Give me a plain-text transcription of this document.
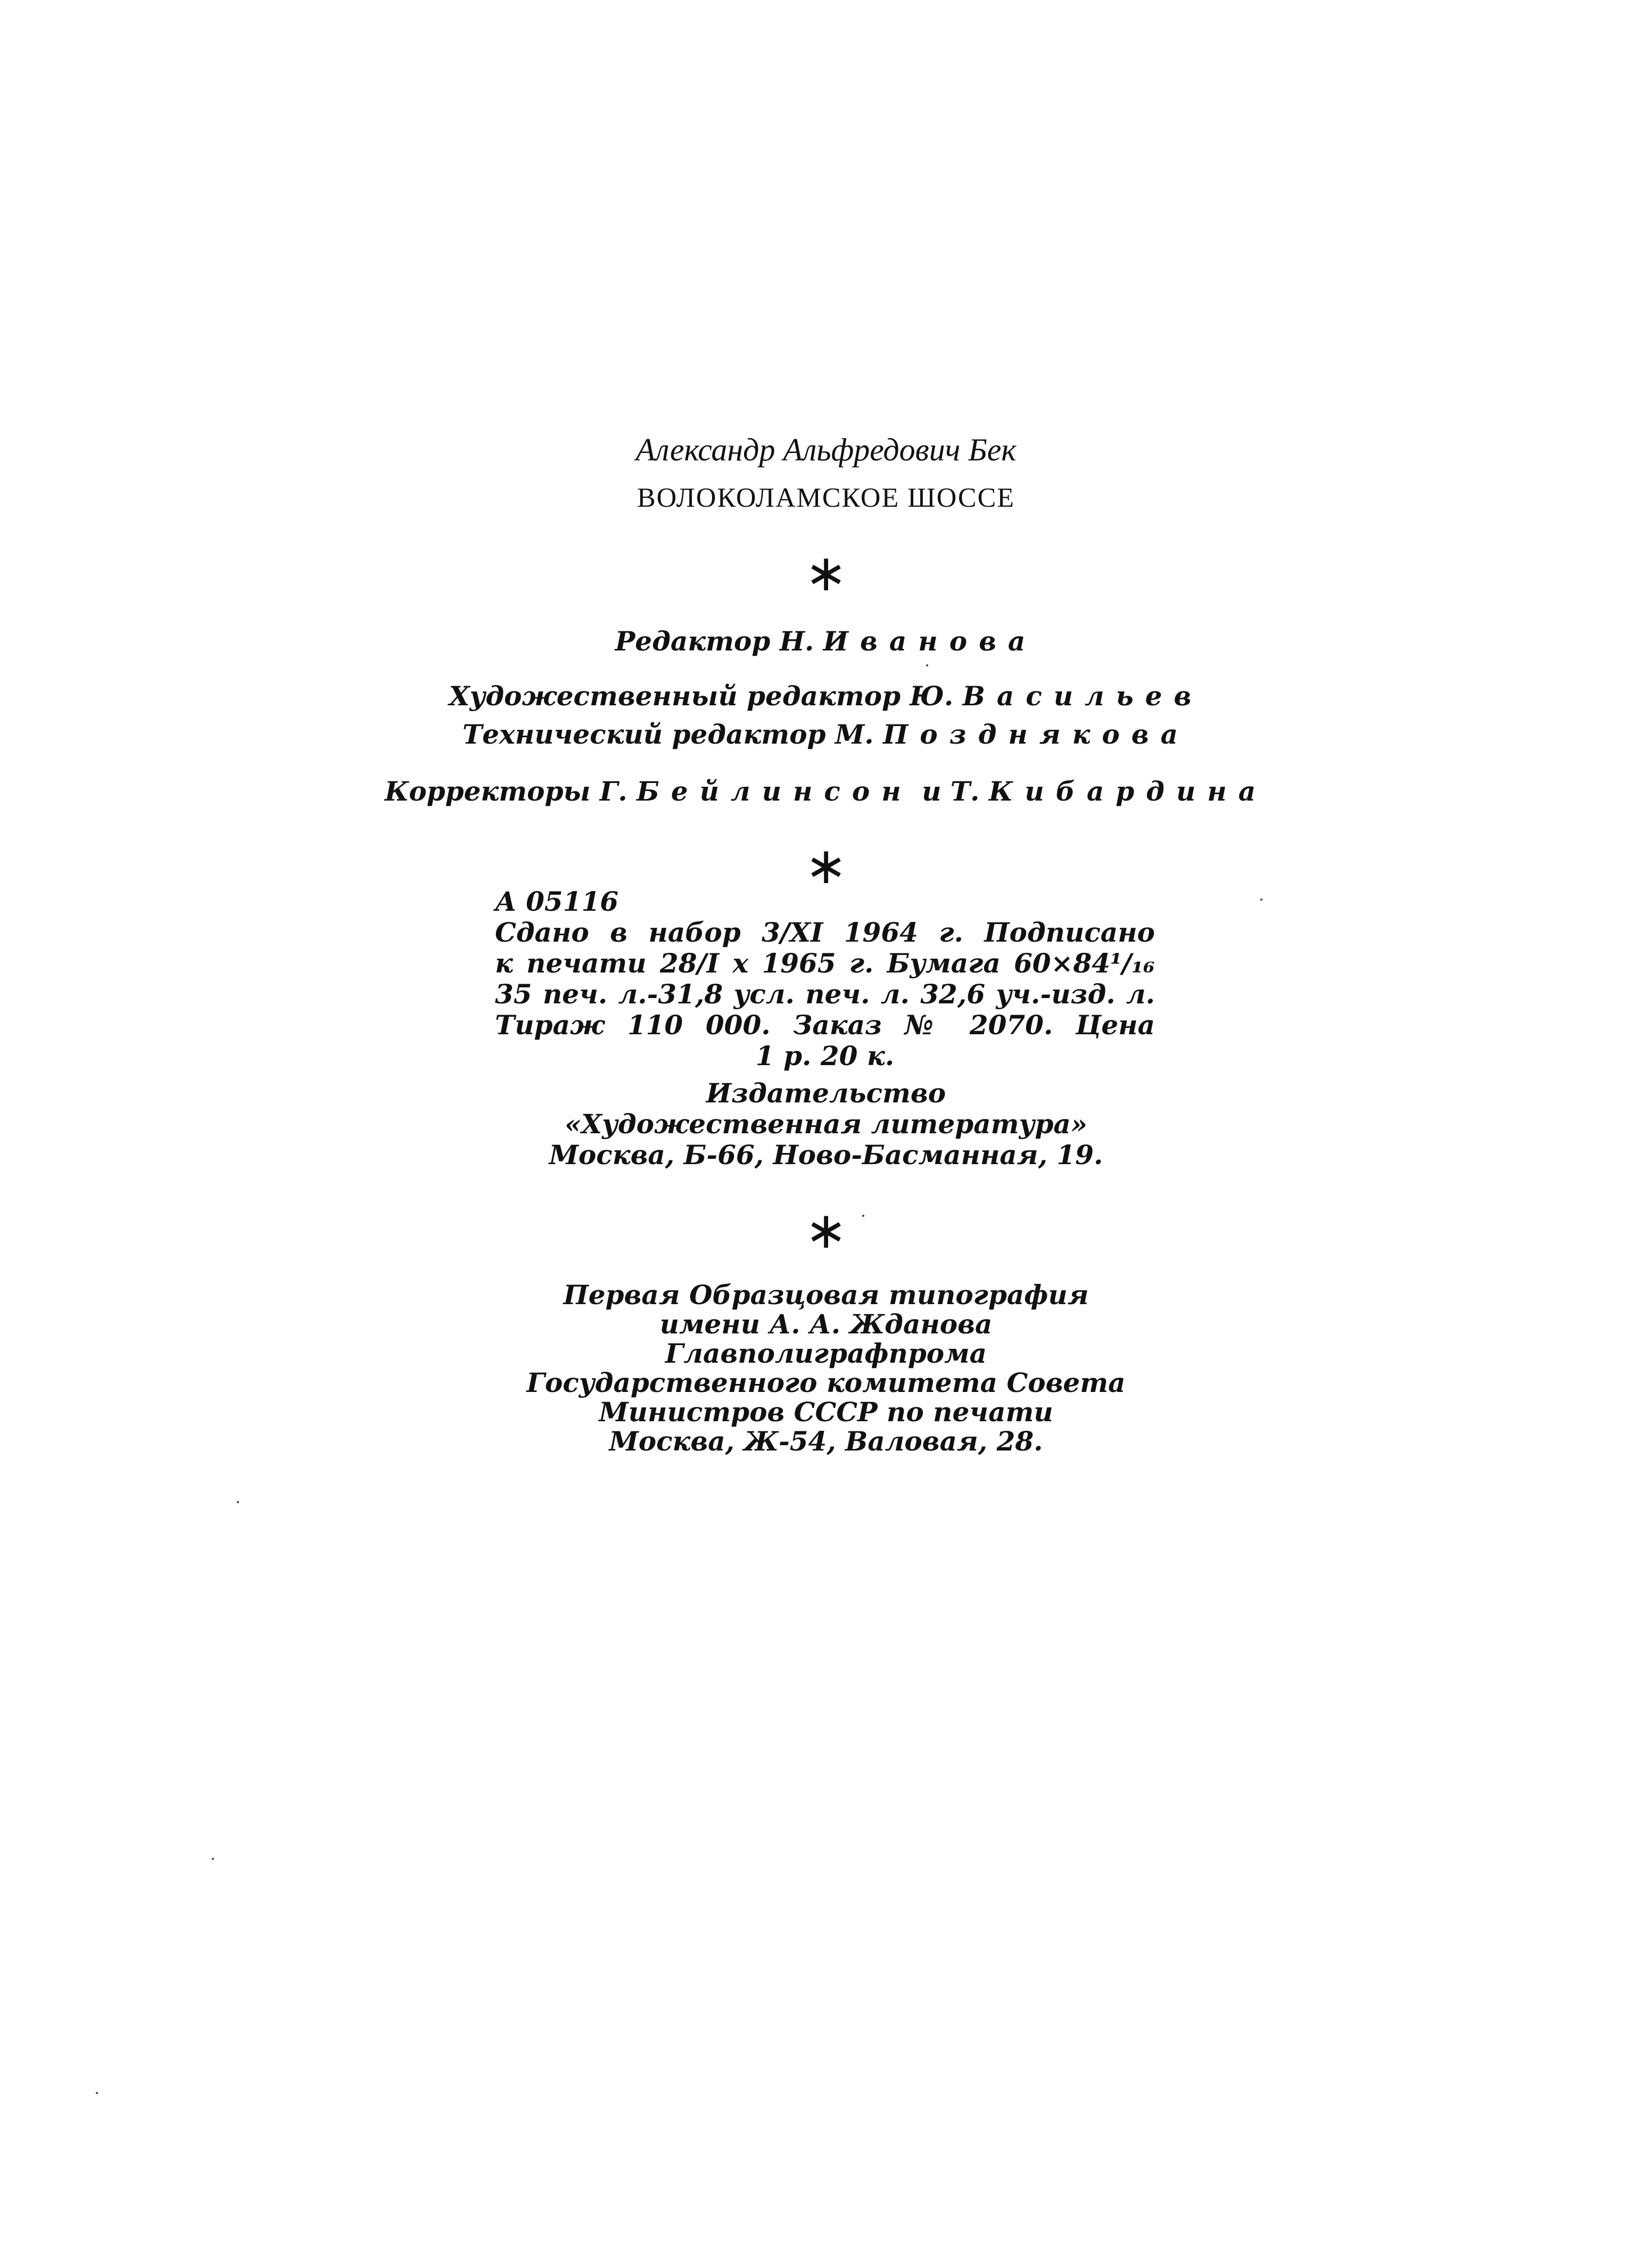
Александр Альфредович Бек
ВОЛОКОЛАМСКОЕ ШОССЕ
∗
Редактор Н. Иванова
Художественный редактор Ю. Васильев
Технический редактор М. Позднякова
Корректоры Г. Бейлинсон и Т. Кибардина
∗
А 05116
Сдано в набор 3/XI 1964 г. Подписано
к печати 28/I x 1965 г. Бумага 60×84¹/₁₆
35 печ. л.-31,8 усл. печ. л. 32,6 уч.-изд. л.
Тираж 110 000. Заказ № 2070. Цена
1 р. 20 к.
Издательство
«Художественная литература»
Москва, Б-66, Ново-Басманная, 19.
∗
Первая Образцовая типография
имени А. А. Жданова
Главполиграфпрома
Государственного комитета Совета
Министров СССР по печати
Москва, Ж-54, Валовая, 28.
